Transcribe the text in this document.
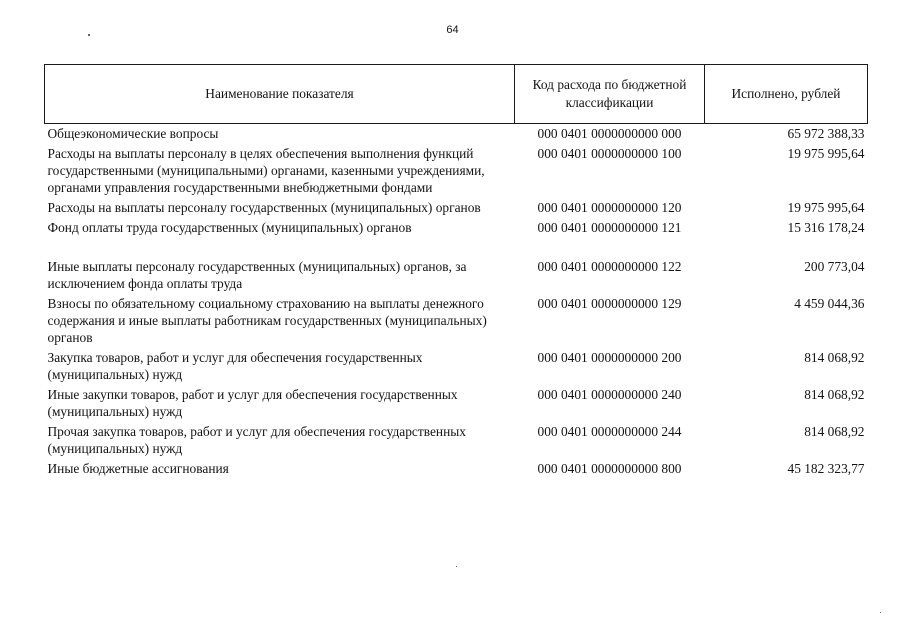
64
Наименование показателя	Код расхода по бюджетной классификации	Исполнено, рублей
Общеэкономические вопросы	000 0401 0000000000 000	65 972 388,33
Расходы на выплаты персоналу в целях обеспечения выполнения функций государственными (муниципальными) органами, казенными учреждениями, органами управления государственными внебюджетными фондами	000 0401 0000000000 100	19 975 995,64
Расходы на выплаты персоналу государственных (муниципальных) органов	000 0401 0000000000 120	19 975 995,64
Фонд оплаты труда государственных (муниципальных) органов	000 0401 0000000000 121	15 316 178,24
Иные выплаты персоналу государственных (муниципальных) органов, за исключением фонда оплаты труда	000 0401 0000000000 122	200 773,04
Взносы по обязательному социальному страхованию на выплаты денежного содержания и иные выплаты работникам государственных (муниципальных) органов	000 0401 0000000000 129	4 459 044,36
Закупка товаров, работ и услуг для обеспечения государственных (муниципальных) нужд	000 0401 0000000000 200	814 068,92
Иные закупки товаров, работ и услуг для обеспечения государственных (муниципальных) нужд	000 0401 0000000000 240	814 068,92
Прочая закупка товаров, работ и услуг для обеспечения государственных (муниципальных) нужд	000 0401 0000000000 244	814 068,92
Иные бюджетные ассигнования	000 0401 0000000000 800	45 182 323,77
